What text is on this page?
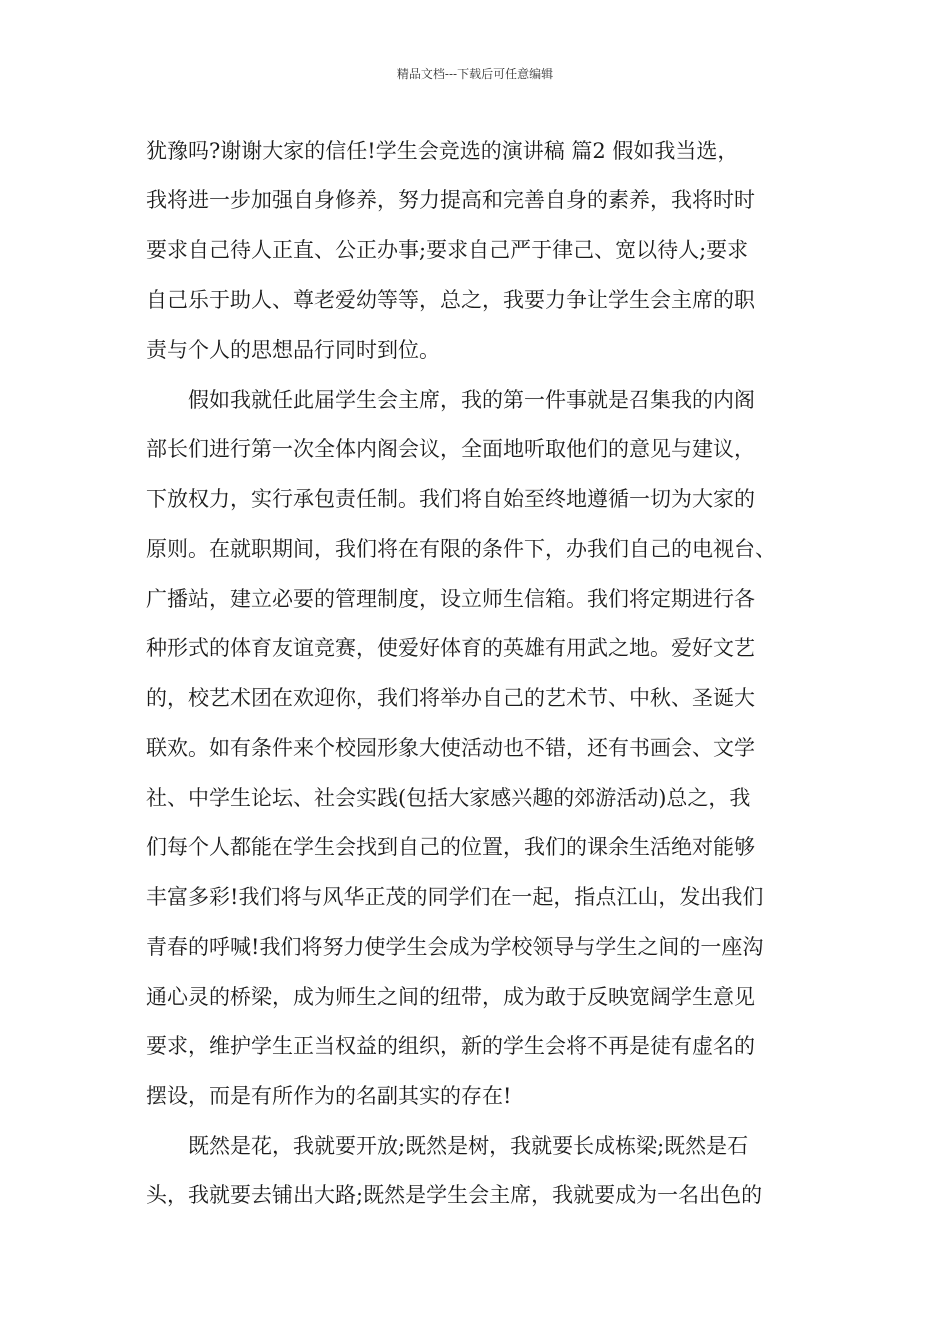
精品文档---下载后可任意编辑
犹豫吗?谢谢大家的信任!学生会竞选的演讲稿 篇2 假如我当选，
我将进一步加强自身修养，努力提高和完善自身的素养，我将时时
要求自己待人正直、公正办事;要求自己严于律己、宽以待人;要求
自己乐于助人、尊老爱幼等等，总之，我要力争让学生会主席的职
责与个人的思想品行同时到位。
假如我就任此届学生会主席，我的第一件事就是召集我的内阁
部长们进行第一次全体内阁会议，全面地听取他们的意见与建议，
下放权力，实行承包责任制。我们将自始至终地遵循一切为大家的
原则。在就职期间，我们将在有限的条件下，办我们自己的电视台、
广播站，建立必要的管理制度，设立师生信箱。我们将定期进行各
种形式的体育友谊竞赛，使爱好体育的英雄有用武之地。爱好文艺
的，校艺术团在欢迎你，我们将举办自己的艺术节、中秋、圣诞大
联欢。如有条件来个校园形象大使活动也不错，还有书画会、文学
社、中学生论坛、社会实践(包括大家感兴趣的郊游活动)总之，我
们每个人都能在学生会找到自己的位置，我们的课余生活绝对能够
丰富多彩!我们将与风华正茂的同学们在一起，指点江山，发出我们
青春的呼喊!我们将努力使学生会成为学校领导与学生之间的一座沟
通心灵的桥梁，成为师生之间的纽带，成为敢于反映宽阔学生意见
要求，维护学生正当权益的组织，新的学生会将不再是徒有虚名的
摆设，而是有所作为的名副其实的存在!
既然是花，我就要开放;既然是树，我就要长成栋梁;既然是石
头，我就要去铺出大路;既然是学生会主席，我就要成为一名出色的
